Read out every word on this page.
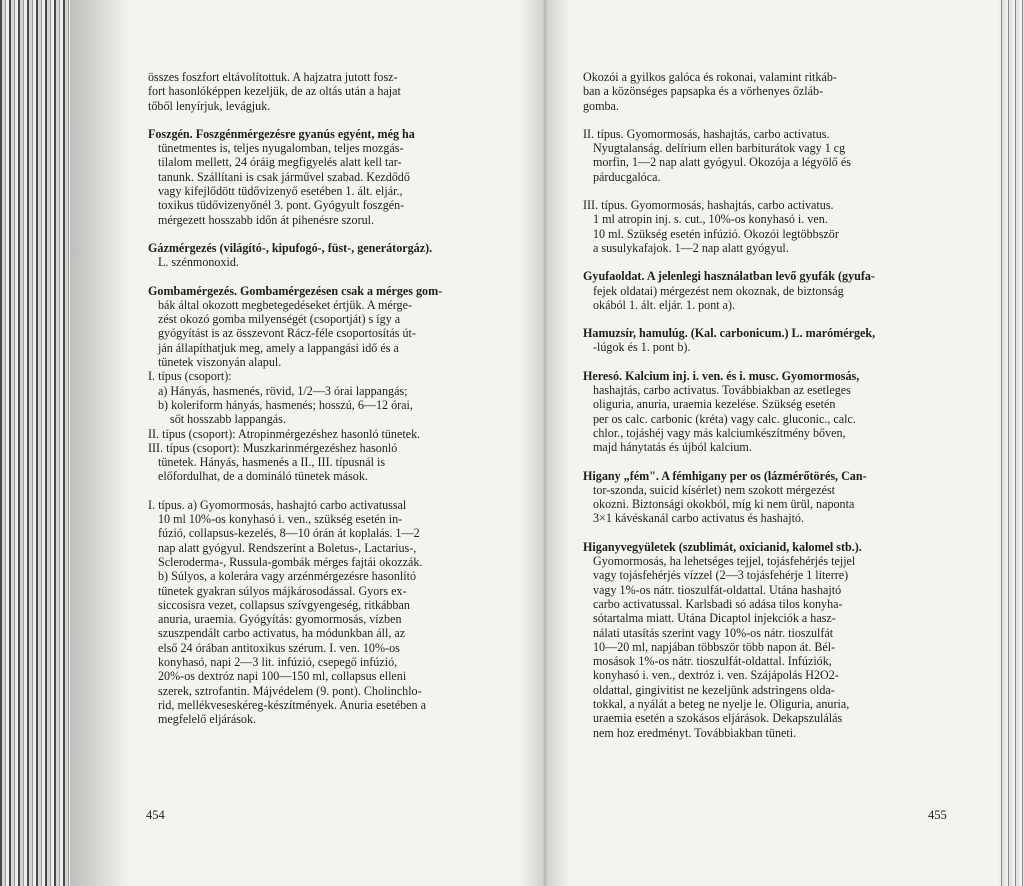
összes foszfort eltávolítottuk. A hajzatra jutott fosz-
fort hasonlóképpen kezeljük, de az oltás után a hajat
tőből lenyírjuk, levágjuk.
Foszgén. Foszgénmérgezésre gyanús egyént, még ha
tünetmentes is, teljes nyugalomban, teljes mozgás-
tilalom mellett, 24 óráig megfigyelés alatt kell tar-
tanunk. Szállítani is csak járművel szabad. Kezdődő
vagy kifejlődött tüdővizenyő esetében 1. ált. eljár.,
toxikus tüdővizenyőnél 3. pont. Gyógyult foszgén-
mérgezett hosszabb időn át pihenésre szorul.
Gázmérgezés (világító-, kipufogó-, füst-, generátorgáz).
L. szénmonoxid.
Gombamérgezés. Gombamérgezésen csak a mérges gom-
bák által okozott megbetegedéseket értjük. A mérge-
zést okozó gomba milyenségét (csoportját) s így a
gyógyítást is az összevont Rácz-féle csoportosítás út-
ján állapíthatjuk meg, amely a lappangási idő és a
tünetek viszonyán alapul.
I. típus (csoport):
a) Hányás, hasmenés, rövid, 1/2—3 órai lappangás;
b) koleriform hányás, hasmenés; hosszú, 6—12 órai,
sőt hosszabb lappangás.
II. típus (csoport): Atropinmérgezéshez hasonló tünetek.
III. típus (csoport): Muszkarinmérgezéshez hasonló
tünetek. Hányás, hasmenés a II., III. típusnál is
előfordulhat, de a domináló tünetek mások.
I. típus. a) Gyomormosás, hashajtó carbo activatussal
10 ml 10%-os konyhasó i. ven., szükség esetén in-
fúzió, collapsus-kezelés, 8—10 órán át koplalás. 1—2
nap alatt gyógyul. Rendszerint a Boletus-, Lactarius-,
Scleroderma-, Russula-gombák mérges fajtái okozzák.
b) Súlyos, a kolerára vagy arzénmérgezésre hasonlító
tünetek gyakran súlyos májkárosodással. Gyors ex-
siccosisra vezet, collapsus szívgyengeség, ritkábban
anuria, uraemia. Gyógyítás: gyomormosás, vízben
szuszpendált carbo activatus, ha módunkban áll, az
első 24 órában antitoxikus szérum. I. ven. 10%-os
konyhasó, napi 2—3 lit. infúzió, csepegő infúzió,
20%-os dextróz napi 100—150 ml, collapsus elleni
szerek, sztrofantin. Májvédelem (9. pont). Cholinchlo-
rid, mellékveseskéreg-készítmények. Anuria esetében a
megfelelő eljárások.
Okozói a gyilkos galóca és rokonai, valamint ritkáb-
ban a közönséges papsapka és a vörhenyes őzláb-
gomba.
II. típus. Gyomormosás, hashajtás, carbo activatus.
Nyugtalanság. delírium ellen barbiturátok vagy 1 cg
morfin, 1—2 nap alatt gyógyul. Okozója a légyölő és
párducgalóca.
III. típus. Gyomormosás, hashajtás, carbo activatus.
1 ml atropin inj. s. cut., 10%-os konyhasó i. ven.
10 ml. Szükség esetén infúzió. Okozói legtöbbször
a susulykafajok. 1—2 nap alatt gyógyul.
Gyufaoldat. A jelenlegi használatban levő gyufák (gyufa-
fejek oldatai) mérgezést nem okoznak, de biztonság
okából 1. ált. eljár. 1. pont a).
Hamuzsír, hamulúg. (Kal. carbonicum.) L. marómérgek,
-lúgok és 1. pont b).
Heresó. Kalcium inj. i. ven. és i. musc. Gyomormosás,
hashajtás, carbo activatus. Továbbiakban az esetleges
oliguria, anuria, uraemia kezelése. Szükség esetén
per os calc. carbonic (kréta) vagy calc. gluconic., calc.
chlor., tojáshéj vagy más kalciumkészítmény bőven,
majd hánytatás és újból kalcium.
Higany „fém". A fémhigany per os (lázmérőtörés, Can-
tor-szonda, suicid kísérlet) nem szokott mérgezést
okozni. Biztonsági okokból, míg ki nem ürül, naponta
3×1 kávéskanál carbo activatus és hashajtó.
Higanyvegyületek (szublimát, oxicianid, kalomel stb.).
Gyomormosás, ha lehetséges tejjel, tojásfehérjés tejjel
vagy tojásfehérjés vízzel (2—3 tojásfehérje 1 literre)
vagy 1%-os nátr. tioszulfát-oldattal. Utána hashajtó
carbo activatussal. Karlsbadi só adása tilos konyha-
sótartalma miatt. Utána Dicaptol injekciók a hasz-
nálati utasítás szerint vagy 10%-os nátr. tioszulfát
10—20 ml, napjában többször több napon át. Bél-
mosások 1%-os nátr. tioszulfát-oldattal. Infúziók,
konyhasó i. ven., dextróz i. ven. Szájápolás H2O2-
oldattal, gingivitist ne kezeljünk adstringens olda-
tokkal, a nyálát a beteg ne nyelje le. Oliguria, anuria,
uraemia esetén a szokásos eljárások. Dekapszulálás
nem hoz eredményt. Továbbiakban tüneti.
454	455
